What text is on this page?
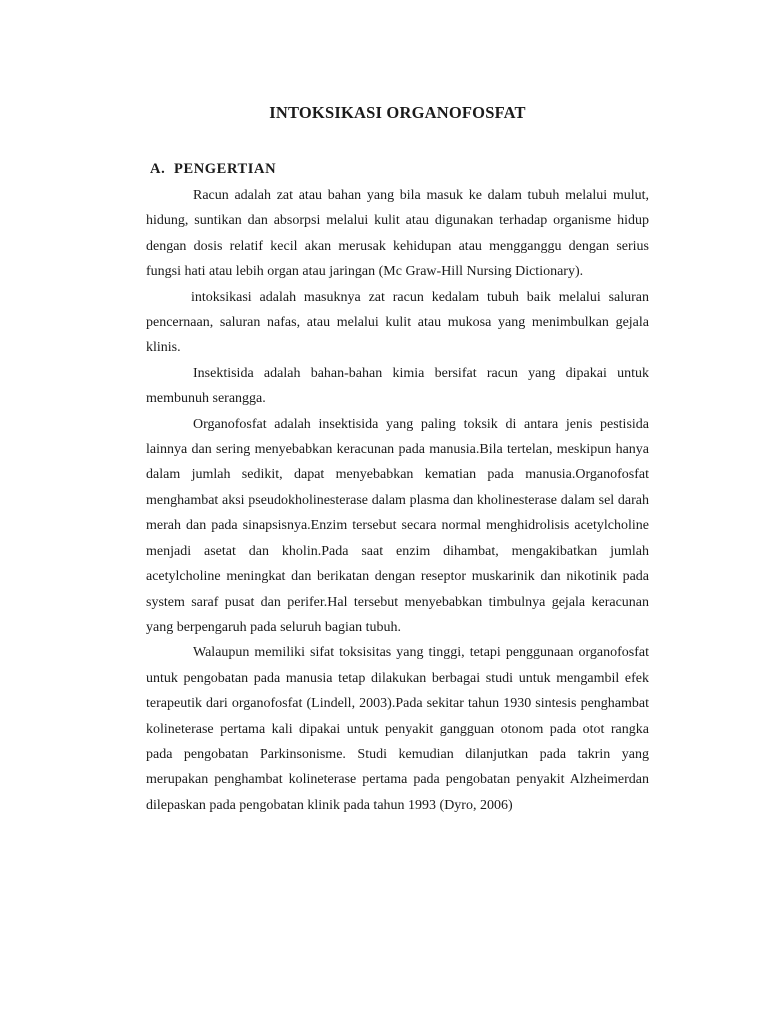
INTOKSIKASI ORGANOFOSFAT
A. PENGERTIAN

Racun adalah zat atau bahan yang bila masuk ke dalam tubuh melalui mulut, hidung, suntikan dan absorpsi melalui kulit atau digunakan terhadap organisme hidup dengan dosis relatif kecil akan merusak kehidupan atau mengganggu dengan serius fungsi hati atau lebih organ atau jaringan (Mc Graw-Hill Nursing Dictionary).

intoksikasi adalah masuknya zat racun kedalam tubuh baik melalui saluran pencernaan, saluran nafas, atau melalui kulit atau mukosa yang menimbulkan gejala klinis.

Insektisida adalah bahan-bahan kimia bersifat racun yang dipakai untuk membunuh serangga.

Organofosfat adalah insektisida yang paling toksik di antara jenis pestisida lainnya dan sering menyebabkan keracunan pada manusia.Bila tertelan, meskipun hanya dalam jumlah sedikit, dapat menyebabkan kematian pada manusia.Organofosfat menghambat aksi pseudokholinesterase dalam plasma dan kholinesterase dalam sel darah merah dan pada sinapsisnya.Enzim tersebut secara normal menghidrolisis acetylcholine menjadi asetat dan kholin.Pada saat enzim dihambat, mengakibatkan jumlah acetylcholine meningkat dan berikatan dengan reseptor muskarinik dan nikotinik pada system saraf pusat dan perifer.Hal tersebut menyebabkan timbulnya gejala keracunan yang berpengaruh pada seluruh bagian tubuh.

Walaupun memiliki sifat toksisitas yang tinggi, tetapi penggunaan organofosfat untuk pengobatan pada manusia tetap dilakukan berbagai studi untuk mengambil efek terapeutik dari organofosfat (Lindell, 2003).Pada sekitar tahun 1930 sintesis penghambat kolineterase pertama kali dipakai untuk penyakit gangguan otonom pada otot rangka pada pengobatan Parkinsonisme. Studi kemudian dilanjutkan pada takrin yang merupakan penghambat kolineterase pertama pada pengobatan penyakit Alzheimerdan dilepaskan pada pengobatan klinik pada tahun 1993 (Dyro, 2006)
